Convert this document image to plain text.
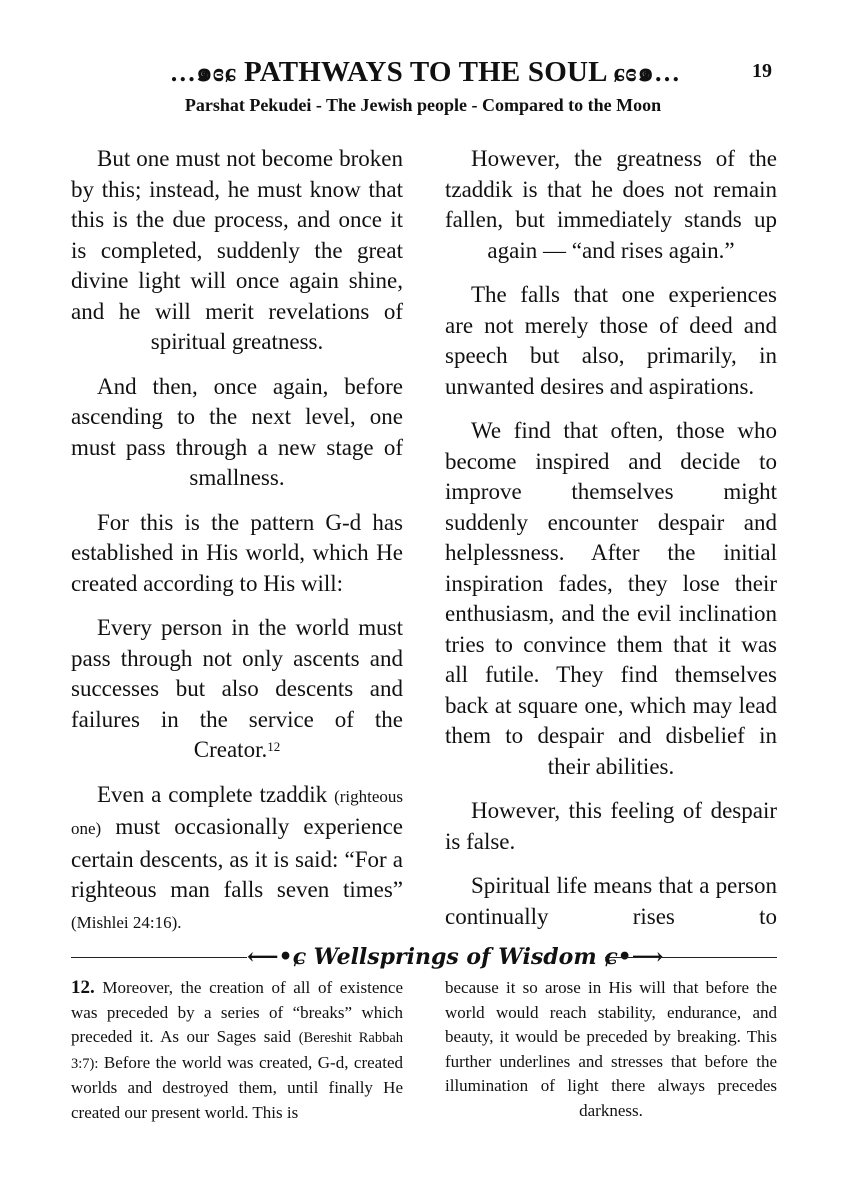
…๑ɞɕ PATHWAYS TO THE SOUL ɕɞ๑…	19
Parshat Pekudei - The Jewish people - Compared to the Moon

But one must not become broken by this; instead, he must know that this is the due process, and once it is completed, suddenly the great divine light will once again shine, and he will merit revelations of spiritual greatness.

And then, once again, before ascending to the next level, one must pass through a new stage of smallness.

For this is the pattern G-d has established in His world, which He created according to His will:

Every person in the world must pass through not only ascents and successes but also descents and failures in the service of the Creator.$^{12}$

Even a complete tzaddik (righteous one) must occasionally experience certain descents, as it is said: “For a righteous man falls seven times” (Mishlei 24:16).

However, the greatness of the tzaddik is that he does not remain fallen, but immediately stands up again — “and rises again.”

The falls that one experiences are not merely those of deed and speech but also, primarily, in unwanted desires and aspirations.

We find that often, those who become inspired and decide to improve themselves might suddenly encounter despair and helplessness. After the initial inspiration fades, they lose their enthusiasm, and the evil inclination tries to convince them that it was all futile. They find themselves back at square one, which may lead them to despair and disbelief in their abilities.

However, this feeling of despair is false.

Spiritual life means that a person continually rises to

⟵•ɕ Wellsprings of Wisdom ɕ•⟶
12. Moreover, the creation of all of existence was preceded by a series of “breaks” which preceded it. As our Sages said (Bereshit Rabbah 3:7): Before the world was created, G-d, created worlds and destroyed them, until finally He created our present world. This is
because it so arose in His will that before the world would reach stability, endurance, and beauty, it would be preceded by breaking. This further underlines and stresses that before the illumination of light there always precedes darkness.
